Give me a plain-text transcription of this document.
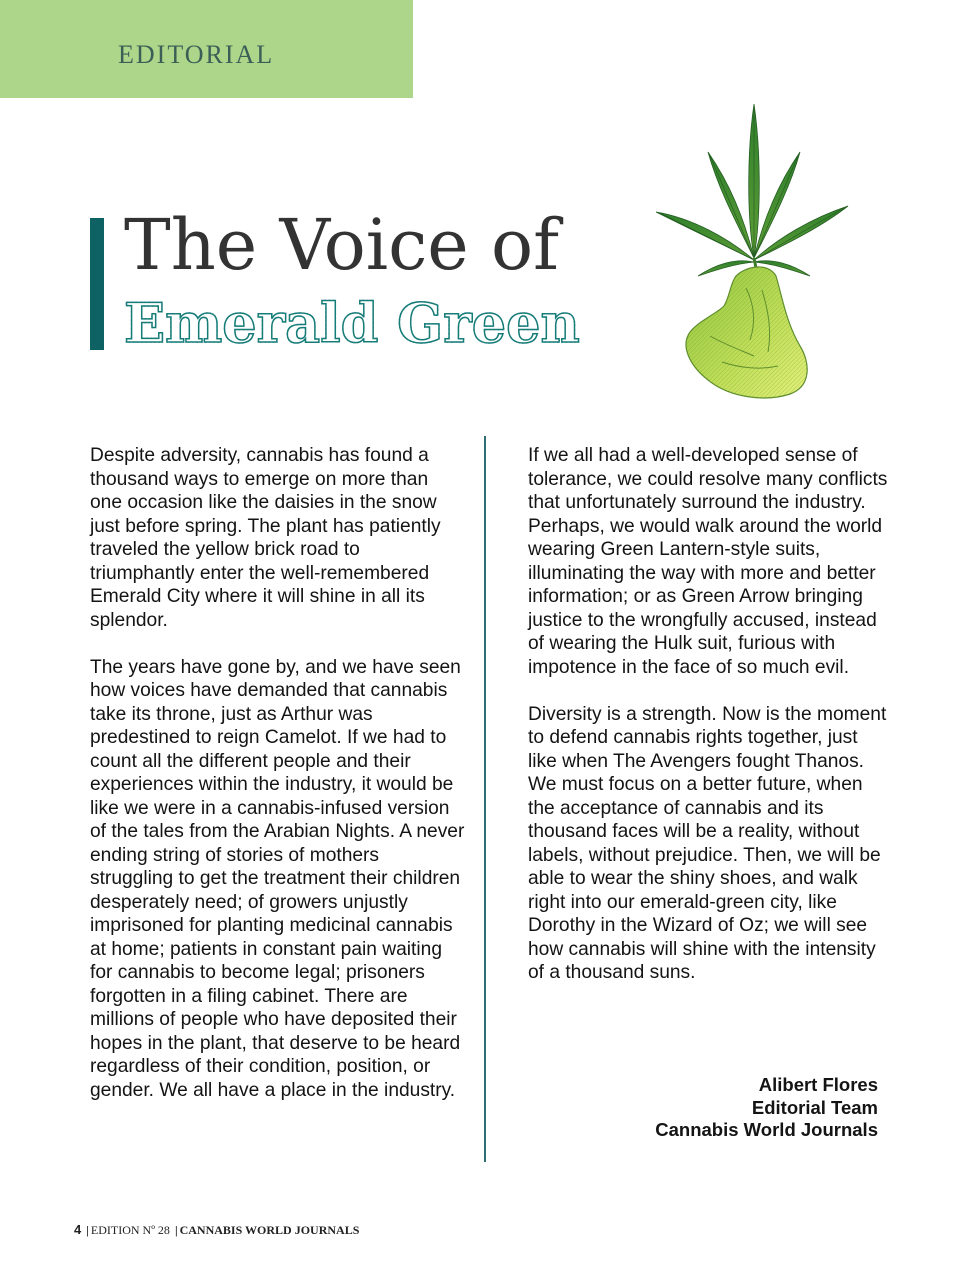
EDITORIAL
The Voice of
Emerald Green

Despite adversity, cannabis has found a thousand ways to emerge on more than one occasion like the daisies in the snow just before spring. The plant has patiently traveled the yellow brick road to triumphantly enter the well-remembered Emerald City where it will shine in all its splendor.

The years have gone by, and we have seen how voices have demanded that cannabis take its throne, just as Arthur was predestined to reign Camelot. If we had to count all the different people and their experiences within the industry, it would be like we were in a cannabis-infused version of the tales from the Arabian Nights. A never ending string of stories of mothers struggling to get the treatment their children desperately need; of growers unjustly imprisoned for planting medicinal cannabis at home; patients in constant pain waiting for cannabis to become legal; prisoners forgotten in a filing cabinet. There are millions of people who have deposited their hopes in the plant, that deserve to be heard regardless of their condition, position, or gender. We all have a place in the industry.

If we all had a well-developed sense of tolerance, we could resolve many conflicts that unfortunately surround the industry. Perhaps, we would walk around the world wearing Green Lantern-style suits, illuminating the way with more and better information; or as Green Arrow bringing justice to the wrongfully accused, instead of wearing the Hulk suit, furious with impotence in the face of so much evil.

Diversity is a strength. Now is the moment to defend cannabis rights together, just like when The Avengers fought Thanos. We must focus on a better future, when the acceptance of cannabis and its thousand faces will be a reality, without labels, without prejudice. Then, we will be able to wear the shiny shoes, and walk right into our emerald-green city, like Dorothy in the Wizard of Oz; we will see how cannabis will shine with the intensity of a thousand suns.

Alibert Flores
Editorial Team
Cannabis World Journals
4 | EDITION Nº 28 | CANNABIS WORLD JOURNALS
